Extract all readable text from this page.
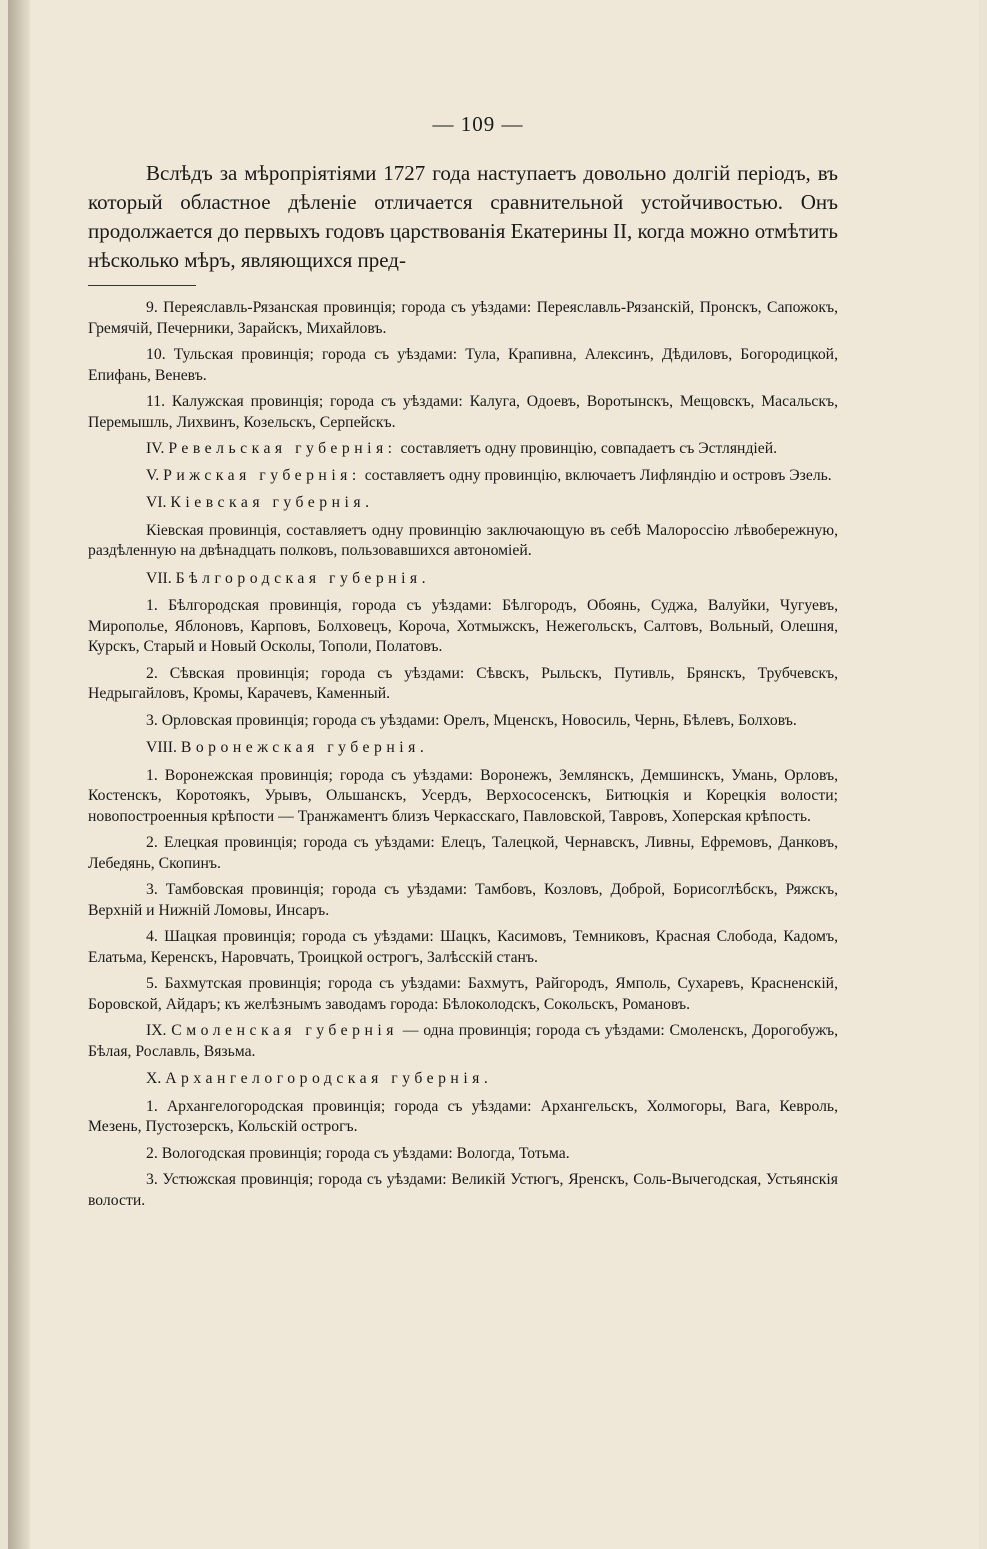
— 109 —

Вслѣдъ за мѣропріятіями 1727 года наступаетъ довольно долгій періодъ, въ который областное дѣленіе отличается сравнительной устойчивостью. Онъ продолжается до первыхъ годовъ царствованія Екатерины II, когда можно отмѣтить нѣсколько мѣръ, являющихся пред-

9. Переяславль-Рязанская провинція; города съ уѣздами: Переяславль-Рязанскій, Пронскъ, Сапожокъ, Гремячій, Печерники, Зарайскъ, Михайловъ.

10. Тульская провинція; города съ уѣздами: Тула, Крапивна, Алексинъ, Дѣдиловъ, Богородицкой, Епифань, Веневъ.

11. Калужская провинція; города съ уѣздами: Калуга, Одоевъ, Воротынскъ, Мещовскъ, Масальскъ, Перемышль, Лихвинъ, Козельскъ, Серпейскъ.

IV. Ревельская губернія: составляетъ одну провинцію, совпадаетъ съ Эстляндіей.

V. Рижская губернія: составляетъ одну провинцію, включаетъ Лифляндію и островъ Эзель.

VI. Кіевская губернія.

Кіевская провинція, составляетъ одну провинцію заключающую въ себѣ Малороссію лѣвобережную, раздѣленную на двѣнадцать полковъ, пользовавшихся автономіей.

VII. Бѣлгородская губернія.

1. Бѣлгородская провинція, города съ уѣздами: Бѣлгородъ, Обоянь, Суджа, Валуйки, Чугуевъ, Мирополье, Яблоновъ, Карповъ, Болховецъ, Короча, Хотмыжскъ, Нежегольскъ, Салтовъ, Вольный, Олешня, Курскъ, Старый и Новый Осколы, Тополи, Полатовъ.

2. Сѣвская провинція; города съ уѣздами: Сѣвскъ, Рыльскъ, Путивль, Брянскъ, Трубчевскъ, Недрыгайловъ, Кромы, Карачевъ, Каменный.

3. Орловская провинція; города съ уѣздами: Орелъ, Мценскъ, Новосиль, Чернь, Бѣлевъ, Болховъ.

VIII. Воронежская губернія.

1. Воронежская провинція; города съ уѣздами: Воронежъ, Землянскъ, Демшинскъ, Умань, Орловъ, Костенскъ, Коротоякъ, Урывъ, Ольшанскъ, Усердъ, Верхососенскъ, Битюцкія и Корецкія волости; новопостроенныя крѣпости — Транжаментъ близъ Черкасскаго, Павловской, Тавровъ, Хоперская крѣпость.

2. Елецкая провинція; города съ уѣздами: Елецъ, Талецкой, Чернавскъ, Ливны, Ефремовъ, Данковъ, Лебедянь, Скопинъ.

3. Тамбовская провинція; города съ уѣздами: Тамбовъ, Козловъ, Доброй, Борисоглѣбскъ, Ряжскъ, Верхній и Нижній Ломовы, Инсаръ.

4. Шацкая провинція; города съ уѣздами: Шацкъ, Касимовъ, Темниковъ, Красная Слобода, Кадомъ, Елатьма, Керенскъ, Наровчать, Троицкой острогъ, Залѣсскій станъ.

5. Бахмутская провинція; города съ уѣздами: Бахмутъ, Райгородъ, Ямполь, Сухаревъ, Красненскій, Боровской, Айдаръ; къ желѣзнымъ заводамъ города: Бѣлоколодскъ, Сокольскъ, Романовъ.

IX. Смоленская губернія — одна провинція; города съ уѣздами: Смоленскъ, Дорогобужъ, Бѣлая, Рославль, Вязьма.

X. Архангелогородская губернія.

1. Архангелогородская провинція; города съ уѣздами: Архангельскъ, Холмогоры, Вага, Кевроль, Мезень, Пустозерскъ, Кольскій острогъ.

2. Вологодская провинція; города съ уѣздами: Вологда, Тотьма.

3. Устюжская провинція; города съ уѣздами: Великій Устюгъ, Яренскъ, Соль-Вычегодская, Устьянскія волости.
